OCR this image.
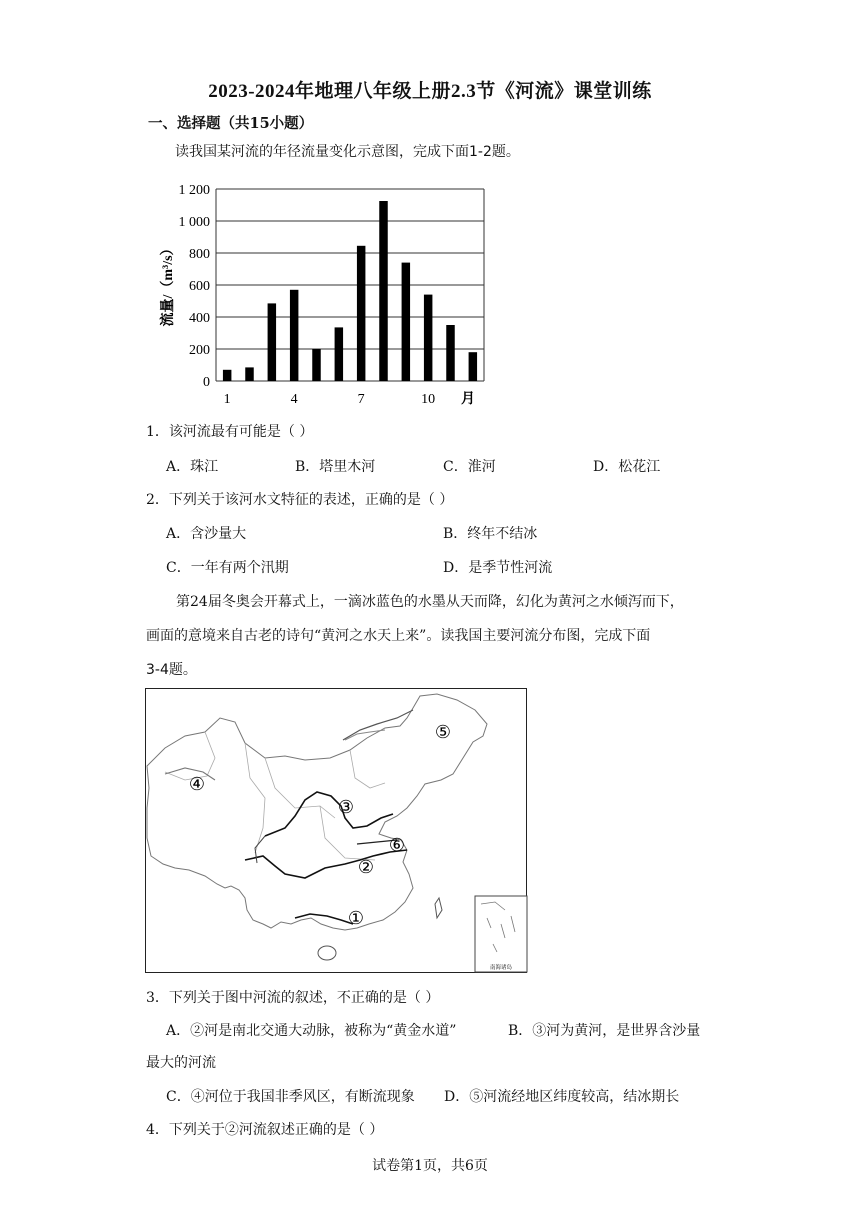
2023-2024年地理八年级上册2.3节《河流》课堂训练
一、选择题（共15小题）
读我国某河流的年径流量变化示意图，完成下面1-2题。
0
200
400
600
800
1 000
1 200
1	4	7	10 月
流量/（m³/s）
1．该河流最有可能是（ ）
A．珠江	B．塔里木河	C．淮河	D．松花江
2．下列关于该河水文特征的表述，正确的是（ ）
A．含沙量大	B．终年不结冰
C．一年有两个汛期	D．是季节性河流
第24届冬奥会开幕式上，一滴冰蓝色的水墨从天而降，幻化为黄河之水倾泻而下，
画面的意境来自古老的诗句“黄河之水天上来”。读我国主要河流分布图，完成下面
3-4题。
⑤
④
③
⑥
②
①
南海诸岛
3．下列关于图中河流的叙述，不正确的是（ ）
A．②河是南北交通大动脉，被称为“黄金水道”	B．③河为黄河，是世界含沙量
最大的河流
C．④河位于我国非季风区，有断流现象 D．⑤河流经地区纬度较高，结冰期长
4．下列关于②河流叙述正确的是（ ）
试卷第1页，共6页
